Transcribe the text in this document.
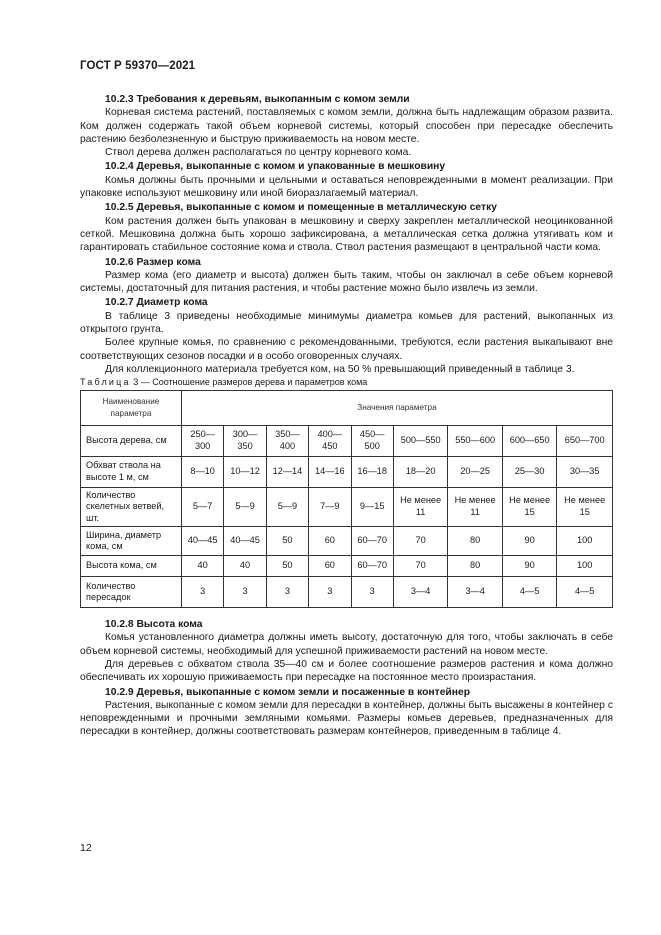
ГОСТ Р 59370—2021

10.2.3 Требования к деревьям, выкопанным с комом земли

Корневая система растений, поставляемых с комом земли, должна быть надлежащим образом развита. Ком должен содержать такой объем корневой системы, который способен при пересадке обеспечить растению безболезненную и быструю приживаемость на новом месте.

Ствол дерева должен располагаться по центру корневого кома.

10.2.4 Деревья, выкопанные с комом и упакованные в мешковину

Комья должны быть прочными и цельными и оставаться неповрежденными в момент реализации. При упаковке используют мешковину или иной биоразлагаемый материал.

10.2.5 Деревья, выкопанные с комом и помещенные в металлическую сетку

Ком растения должен быть упакован в мешковину и сверху закреплен металлической неоцинкованной сеткой. Мешковина должна быть хорошо зафиксирована, а металлическая сетка должна утягивать ком и гарантировать стабильное состояние кома и ствола. Ствол растения размещают в центральной части кома.

10.2.6 Размер кома

Размер кома (его диаметр и высота) должен быть таким, чтобы он заключал в себе объем корневой системы, достаточный для питания растения, и чтобы растение можно было извлечь из земли.

10.2.7 Диаметр кома

В таблице 3 приведены необходимые минимумы диаметра комьев для растений, выкопанных из открытого грунта.

Более крупные комья, по сравнению с рекомендованными, требуются, если растения выкапывают вне соответствующих сезонов посадки и в особо оговоренных случаях.

Для коллекционного материала требуется ком, на 50 % превышающий приведенный в таблице 3.

Таблица 3 — Соотношение размеров дерева и параметров кома

Наименование параметра	Значения параметра								
Высота дерева, см	250—300	300—350	350—400	400—450	450—500	500—550	550—600	600—650	650—700
Обхват ствола на высоте 1 м, см	8—10	10—12	12—14	14—16	16—18	18—20	20—25	25—30	30—35
Количество скелетных ветвей, шт.	5—7	5—9	5—9	7—9	9—15	Не менее 11	Не менее 11	Не менее 15	Не менее 15
Ширина, диаметр кома, см	40—45	40—45	50	60	60—70	70	80	90	100
Высота кома, см	40	40	50	60	60—70	70	80	90	100
Количество пересадок	3	3	3	3	3	3—4	3—4	4—5	4—5

10.2.8 Высота кома

Комья установленного диаметра должны иметь высоту, достаточную для того, чтобы заключать в себе объем корневой системы, необходимый для успешной приживаемости растений на новом месте.

Для деревьев с обхватом ствола 35—40 см и более соотношение размеров растения и кома должно обеспечивать их хорошую приживаемость при пересадке на постоянное место произрастания.

10.2.9 Деревья, выкопанные с комом земли и посаженные в контейнер

Растения, выкопанные с комом земли для пересадки в контейнер, должны быть высажены в контейнер с неповрежденными и прочными земляными комьями. Размеры комьев деревьев, предназначенных для пересадки в контейнер, должны соответствовать размерам контейнеров, приведенным в таблице 4.

12
